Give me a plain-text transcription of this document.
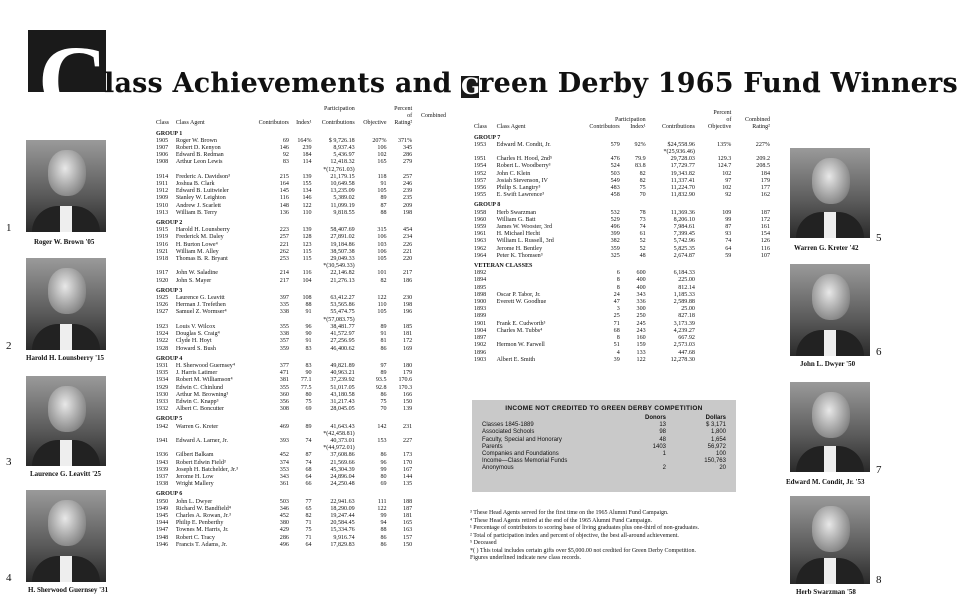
C
lass Achievements and Green Derby 1965 Fund Winners
1
Roger W. Brown '05
2
Harold H. Lounsberry '15
3
Laurence G. Leavitt '25
4
H. Sherwood Guernsey '31
5
Warren G. Kreter '42
6
John L. Dwyer '50
7
Edward M. Condit, Jr. '53
8
Herb Swarzman '58
			Participation			Percent	
						of	Combined
Class	Class Agent	Contributors	Index¹	Contributions	Objective	Rating²	
GROUP 1							
1905	Roger W. Brown	69	164%	$ 9,726.18	207%	371%	
1907	Robert D. Kenyon	146	239	8,937.43	106	345	
1906	Edward B. Redman	92	184	5,436.97	102	286	
1908	Arthur Leon Lewis	83	114	12,418.32	165	279	
				*(12,761.03)			
1914	Frederic A. Davidson³	215	139	21,179.15	118	257	
1911	Joshua B. Clark	164	155	10,649.58	91	246	
1912	Edward B. Luitwieler	145	134	13,235.09	105	239	
1909	Stanley W. Leighton	116	146	5,389.02	89	235	
1910	Andrew J. Scarlett	148	122	11,099.19	87	209	
1913	William B. Terry	136	110	9,818.55	88	198	
GROUP 2							
1915	Harold H. Lounsberry	223	139	58,407.69	315	454	
1919	Frederick M. Daley	257	128	27,891.02	106	234	
1916	H. Burton Lowe⁴	221	123	19,184.86	103	226	
1921	William M. Alley	262	115	38,507.38	106	221	
1918	Thomas B. R. Bryant	253	115	29,049.33	105	220	
				*(30,549.33)			
1917	John W. Saladine	214	116	22,146.82	101	217	
1920	John S. Mayer	217	104	21,276.13	82	186	
GROUP 3							
1925	Laurence G. Leavitt	397	108	63,412.27	122	230	
1926	Herman J. Trefethen	335	88	53,565.86	110	198	
1927	Samuel Z. Wormser⁴	338	91	55,474.75	105	196	
				*(57,083.75)			
1923	Louis V. Wilcox	355	96	38,481.77	89	185	
1924	Douglas S. Craig⁴	338	90	41,572.97	91	181	
1922	Clyde H. Hoyt	357	91	27,256.95	81	172	
1928	Howard S. Bush	359	83	46,400.62	86	169	
GROUP 4							
1931	H. Sherwood Guernsey⁴	377	83	49,821.89	97	180	
1935	J. Harris Latimer	471	90	40,963.21	89	179	
1934	Robert M. Williamson⁴	381	77.1	37,239.92	93.5	170.6	
1929	Edwin C. Chinlund	355	77.5	51,017.05	92.8	170.3	
1930	Arthur M. Browning³	360	80	43,180.58	86	166	
1933	Edwin C. Knapp³	356	75	31,217.43	75	150	
1932	Albert C. Boncutter	308	69	28,045.05	70	139	
GROUP 5							
1942	Warren G. Kreter	469	89	41,643.43	142	231	
				*(42,458.81)			
1941	Edward A. Larner, Jr.	393	74	40,373.01	153	227	
				*(44,972.01)			
1936	Gilbert Balkam	452	87	37,608.86	86	173	
1943	Robert Edwin Field³	374	74	21,569.66	96	170	
1939	Joseph H. Batchelder, Jr.³	353	68	45,304.39	99	167	
1937	Jerome H. Low	343	64	24,896.04	80	144	
1938	Wright Mallery	361	66	24,250.48	69	135	
GROUP 6							
1950	John L. Dwyer	503	77	22,941.63	111	188	
1949	Richard W. Bandfield⁴	346	65	18,290.09	122	187	
1945	Charles A. Rowan, Jr.³	452	82	19,247.44	99	181	
1944	Philip E. Penberthy	380	71	20,584.45	94	165	
1947	Townes M. Harris, Jr.	429	75	15,334.76	88	163	
1948	Robert C. Tracy	286	71	9,916.74	86	157	
1946	Francis T. Adams, Jr.	496	64	17,829.83	86	150	
					Percent	
		Participation			of	Combined
Class	Class Agent	Contributors	Index¹	Contributions	Objective	Rating²
GROUP 7						
1953	Edward M. Condit, Jr.	579	92%	$24,558.96	135%	227%
				*(25,936.46)		
1951	Charles H. Hood, 2nd⁵	476	79.9	29,728.03	129.3	209.2
1954	Robert L. Woodberry³	524	83.8	17,729.77	124.7	208.5
1952	John C. Klein	503	82	19,343.82	102	184
1957	Josiah Stevenson, IV	549	82	11,337.41	97	179
1956	Philip S. Langtry³	483	75	11,224.70	102	177
1955	E. Swift Lawrence³	458	70	11,832.90	92	162
GROUP 8						
1958	Herb Swarzman	532	78	11,369.36	109	187
1960	William G. Batt	529	73	8,206.10	99	172
1959	James W. Wooster, 3rd	496	74	7,984.61	87	161
1961	H. Michael Hecht	399	61	7,399.45	93	154
1963	William L. Russell, 3rd	382	52	5,742.96	74	126
1962	Jerome H. Bentley	359	52	5,825.35	64	116
1964	Peter K. Thomsen³	325	48	2,674.87	59	107
VETERAN CLASSES						
1892		6	600	6,184.33		
1894		8	400	225.00		
1895		8	400	812.14		
1898	Oscar P. Tabor, Jr.	24	343	1,185.33		
1900	Everett W. Goodhue	47	336	2,589.88		
1893		3	300	25.00		
1899		25	250	827.18		
1901	Frank E. Cudworth³	71	245	3,173.39		
1904	Charles M. Tubbs⁴	68	243	4,239.27		
1897		8	160	667.92		
1902	Hermon W. Farwell	51	159	2,573.03		
1896		4	133	447.68		
1903	Albert E. Smith	39	122	12,278.30		
INCOME NOT CREDITED TO GREEN DERBY COMPETITION
	Donors	Dollars
Classes 1845-1889	13	$ 3,171
Associated Schools	98	1,800
Faculty, Special and Honorary	48	1,654
Parents	1403	56,972
Companies and Foundations	1	100
Income—Class Memorial Funds		150,763
Anonymous	2	20

³ These Head Agents served for the first time on the 1965 Alumni Fund Campaign.

⁴ These Head Agents retired at the end of the 1965 Alumni Fund Campaign.

¹ Percentage of contributors to scoring base of living graduates plus one-third of non-graduates.

² Total of participation index and percent of objective, the best all-around achievement.

⁵ Deceased

*( ) This total includes certain gifts over $5,000.00 not credited for Green Derby Competition.

Figures underlined indicate new class records.
